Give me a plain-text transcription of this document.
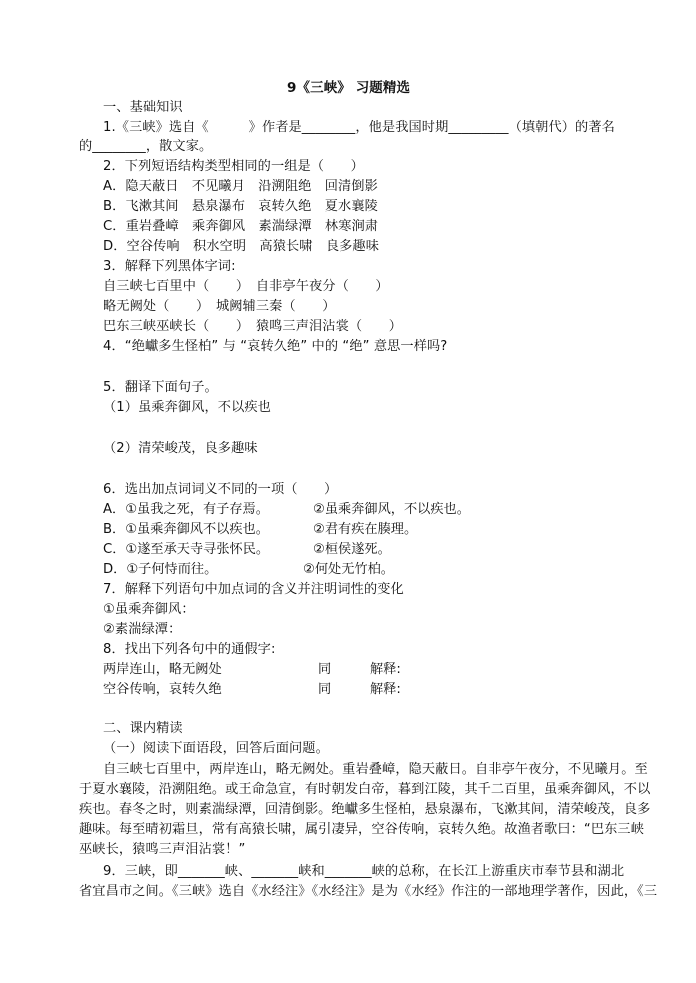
9《三峡》 习题精选
一、基础知识
1.《三峡》选自《　　　》作者是________，他是我国时期_________（填朝代）的著名
的________，散文家。
2．下列短语结构类型相同的一组是（　　）
A．隐天蔽日　不见曦月　沿溯阻绝　回清倒影
B．飞漱其间　悬泉瀑布　哀转久绝　夏水襄陵
C．重岩叠嶂　乘奔御风　素湍绿潭　林寒涧肃
D．空谷传响　积水空明　高猿长啸　良多趣味
3．解释下列黑体字词:
自三峡七百里中（　　）　自非亭午夜分（　　）
略无阙处（　　）　城阙辅三秦（　　）
巴东三峡巫峡长（　　）　猿鸣三声泪沾裳（　　）
4．“绝巘多生怪柏” 与 “哀转久绝” 中的 “绝” 意思一样吗?
5．翻译下面句子。
（1）虽乘奔御风，不以疾也
（2）清荣峻茂，良多趣味
6．选出加点词词义不同的一项（　　）
A．①虽我之死，有子存焉。	②虽乘奔御风，不以疾也。
B．①虽乘奔御风不以疾也。	②君有疾在腠理。
C．①遂至承天寺寻张怀民。	②桓侯遂死。
D．①子何恃而往。	②何处无竹柏。
7．解释下列语句中加点词的含义并注明词性的变化
①虽乘奔御风：
②素湍绿潭：
8．找出下列各句中的通假字:
两岸连山，略无阙处	同	解释:
空谷传响，哀转久绝	同	解释:
二、课内精读
（一）阅读下面语段，回答后面问题。
自三峡七百里中，两岸连山，略无阙处。重岩叠嶂，隐天蔽日。自非亭午夜分，不见曦月。至
于夏水襄陵，沿溯阻绝。或王命急宣，有时朝发白帝，暮到江陵，其千二百里，虽乘奔御风，不以
疾也。春冬之时，则素湍绿潭，回清倒影。绝巘多生怪柏，悬泉瀑布，飞漱其间，清荣峻茂，良多
趣味。每至晴初霜旦，常有高猿长啸，属引凄异，空谷传响，哀转久绝。故渔者歌曰：“巴东三峡
巫峡长，猿鸣三声泪沾裳！”
9．三峡，即_______峡、_______峡和_______峡的总称，在长江上游重庆市奉节县和湖北
省宜昌市之间。《三峡》选自《水经注》《水经注》是为《水经》作注的一部地理学著作，因此，《三
